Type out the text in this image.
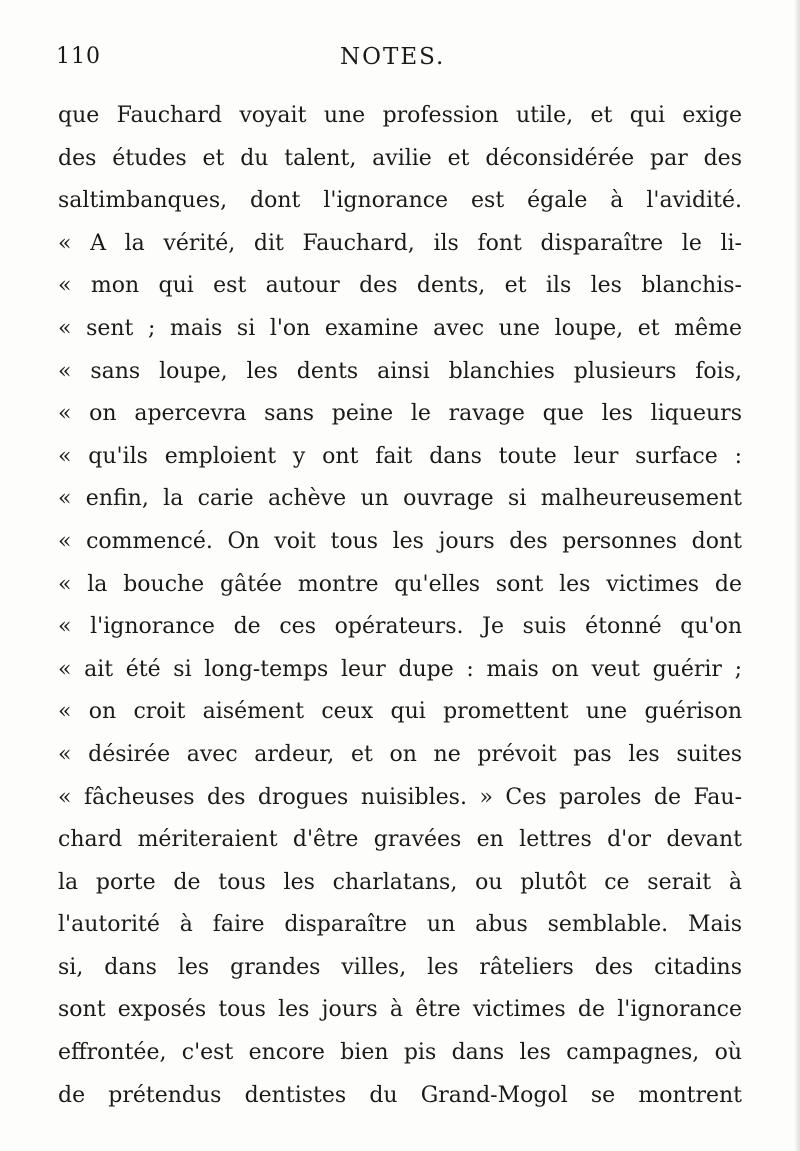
110	NOTES.
que Fauchard voyait une profession utile, et qui exige
des études et du talent, avilie et déconsidérée par des
saltimbanques, dont l'ignorance est égale à l'avidité.
« A la vérité, dit Fauchard, ils font disparaître le li-
« mon qui est autour des dents, et ils les blanchis-
« sent ; mais si l'on examine avec une loupe, et même
« sans loupe, les dents ainsi blanchies plusieurs fois,
« on apercevra sans peine le ravage que les liqueurs
« qu'ils emploient y ont fait dans toute leur surface :
« enfin, la carie achève un ouvrage si malheureusement
« commencé. On voit tous les jours des personnes dont
« la bouche gâtée montre qu'elles sont les victimes de
« l'ignorance de ces opérateurs. Je suis étonné qu'on
« ait été si long-temps leur dupe : mais on veut guérir ;
« on croit aisément ceux qui promettent une guérison
« désirée avec ardeur, et on ne prévoit pas les suites
« fâcheuses des drogues nuisibles. » Ces paroles de Fau-
chard mériteraient d'être gravées en lettres d'or devant
la porte de tous les charlatans, ou plutôt ce serait à
l'autorité à faire disparaître un abus semblable. Mais
si, dans les grandes villes, les râteliers des citadins
sont exposés tous les jours à être victimes de l'ignorance
effrontée, c'est encore bien pis dans les campagnes, où
de prétendus dentistes du Grand-Mogol se montrent
